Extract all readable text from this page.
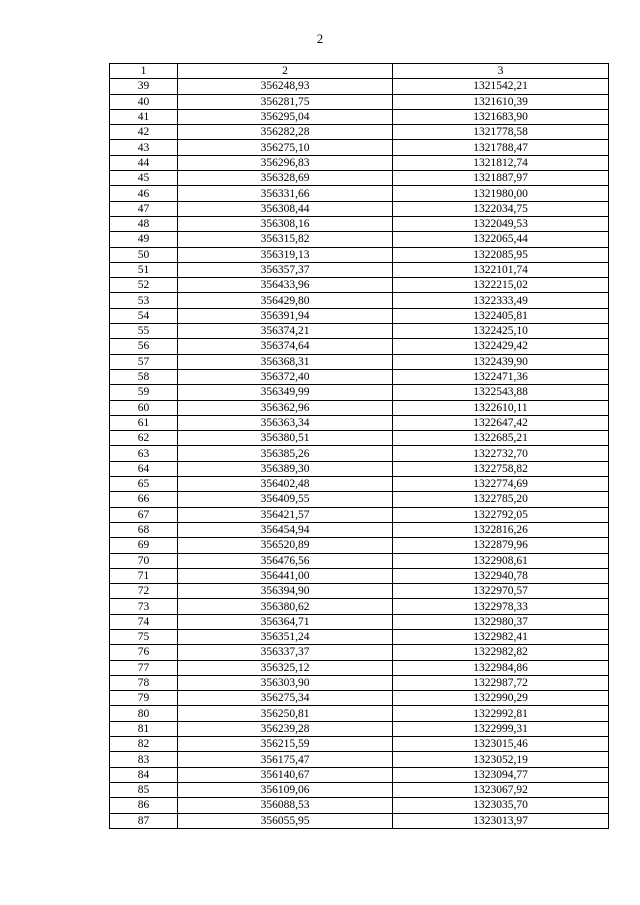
2
1	2	3
39	356248,93	1321542,21
40	356281,75	1321610,39
41	356295,04	1321683,90
42	356282,28	1321778,58
43	356275,10	1321788,47
44	356296,83	1321812,74
45	356328,69	1321887,97
46	356331,66	1321980,00
47	356308,44	1322034,75
48	356308,16	1322049,53
49	356315,82	1322065,44
50	356319,13	1322085,95
51	356357,37	1322101,74
52	356433,96	1322215,02
53	356429,80	1322333,49
54	356391,94	1322405,81
55	356374,21	1322425,10
56	356374,64	1322429,42
57	356368,31	1322439,90
58	356372,40	1322471,36
59	356349,99	1322543,88
60	356362,96	1322610,11
61	356363,34	1322647,42
62	356380,51	1322685,21
63	356385,26	1322732,70
64	356389,30	1322758,82
65	356402,48	1322774,69
66	356409,55	1322785,20
67	356421,57	1322792,05
68	356454,94	1322816,26
69	356520,89	1322879,96
70	356476,56	1322908,61
71	356441,00	1322940,78
72	356394,90	1322970,57
73	356380,62	1322978,33
74	356364,71	1322980,37
75	356351,24	1322982,41
76	356337,37	1322982,82
77	356325,12	1322984,86
78	356303,90	1322987,72
79	356275,34	1322990,29
80	356250,81	1322992,81
81	356239,28	1322999,31
82	356215,59	1323015,46
83	356175,47	1323052,19
84	356140,67	1323094,77
85	356109,06	1323067,92
86	356088,53	1323035,70
87	356055,95	1323013,97
